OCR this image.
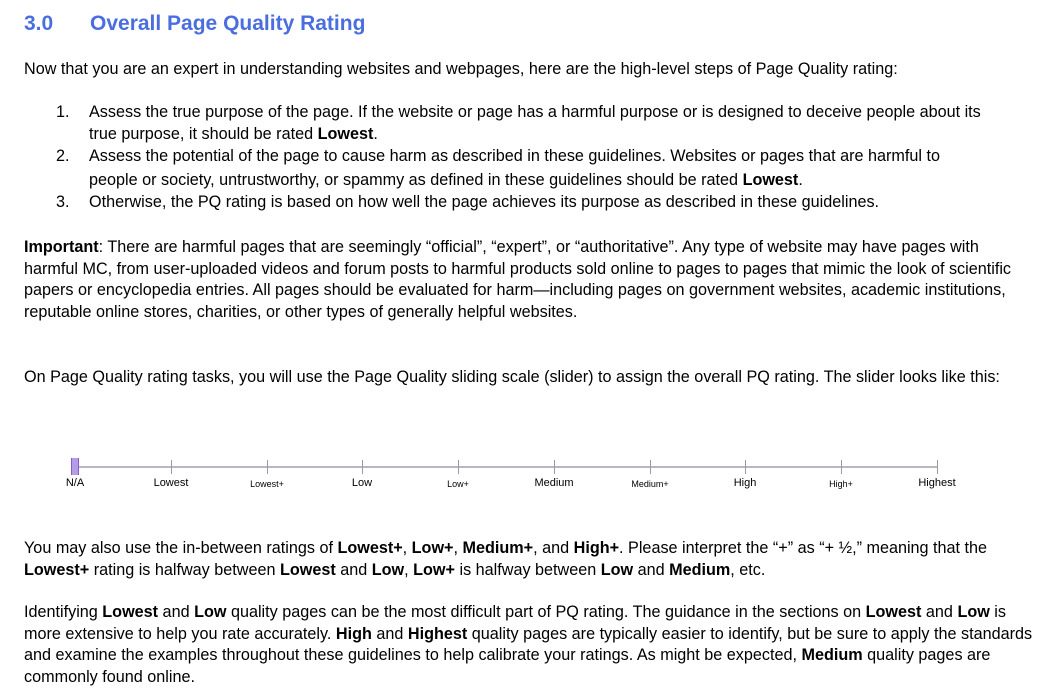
3.0 Overall Page Quality Rating
Now that you are an expert in understanding websites and webpages, here are the high-level steps of Page Quality rating:
1. Assess the true purpose of the page. If the website or page has a harmful purpose or is designed to deceive people about its true purpose, it should be rated Lowest.
2. Assess the potential of the page to cause harm as described in these guidelines. Websites or pages that are harmful to people or society, untrustworthy, or spammy as defined in these guidelines should be rated Lowest.
3. Otherwise, the PQ rating is based on how well the page achieves its purpose as described in these guidelines.
Important: There are harmful pages that are seemingly “official”, “expert”, or “authoritative”. Any type of website may have pages with harmful MC, from user-uploaded videos and forum posts to harmful products sold online to pages to pages that mimic the look of scientific papers or encyclopedia entries. All pages should be evaluated for harm—including pages on government websites, academic institutions, reputable online stores, charities, or other types of generally helpful websites.
On Page Quality rating tasks, you will use the Page Quality sliding scale (slider) to assign the overall PQ rating. The slider looks like this:
N/A	Lowest	Lowest+	Low	Low+	Medium	Medium+	High	High+	Highest
You may also use the in-between ratings of Lowest+, Low+, Medium+, and High+. Please interpret the “+” as “+ ½,” meaning that the Lowest+ rating is halfway between Lowest and Low, Low+ is halfway between Low and Medium, etc.
Identifying Lowest and Low quality pages can be the most difficult part of PQ rating. The guidance in the sections on Lowest and Low is more extensive to help you rate accurately. High and Highest quality pages are typically easier to identify, but be sure to apply the standards and examine the examples throughout these guidelines to help calibrate your ratings. As might be expected, Medium quality pages are commonly found online.
